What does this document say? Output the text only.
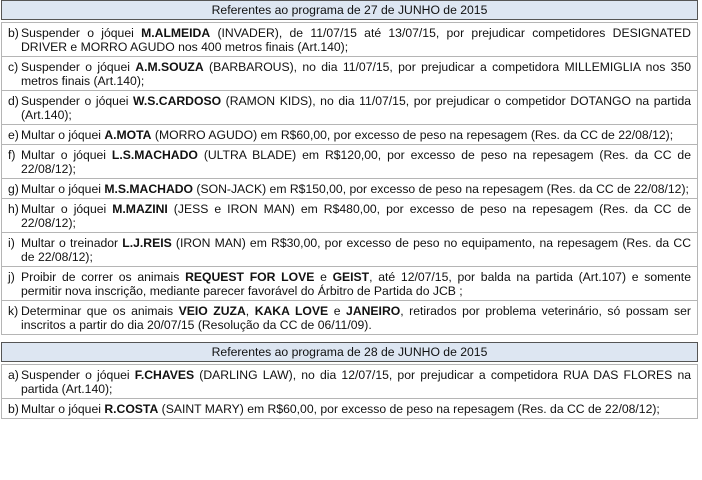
Referentes ao programa de 27 de JUNHO de 2015
b) Suspender o jóquei M.ALMEIDA (INVADER), de 11/07/15 até 13/07/15, por prejudicar competidores DESIGNATED DRIVER e MORRO AGUDO nos 400 metros finais (Art.140);
c) Suspender o jóquei A.M.SOUZA (BARBAROUS), no dia 11/07/15, por prejudicar a competidora MILLEMIGLIA nos 350 metros finais (Art.140);
d) Suspender o jóquei W.S.CARDOSO (RAMON KIDS), no dia 11/07/15, por prejudicar o competidor DOTANGO na partida (Art.140);
e) Multar o jóquei A.MOTA (MORRO AGUDO) em R$60,00, por excesso de peso na repesagem (Res. da CC de 22/08/12);
f) Multar o jóquei L.S.MACHADO (ULTRA BLADE) em R$120,00, por excesso de peso na repesagem (Res. da CC de 22/08/12);
g) Multar o jóquei M.S.MACHADO (SON-JACK) em R$150,00, por excesso de peso na repesagem (Res. da CC de 22/08/12);
h) Multar o jóquei M.MAZINI (JESS e IRON MAN) em R$480,00, por excesso de peso na repesagem (Res. da CC de 22/08/12);
i) Multar o treinador L.J.REIS (IRON MAN) em R$30,00, por excesso de peso no equipamento, na repesagem (Res. da CC de 22/08/12);
j) Proibir de correr os animais REQUEST FOR LOVE e GEIST, até 12/07/15, por balda na partida (Art.107) e somente permitir nova inscrição, mediante parecer favorável do Árbitro de Partida do JCB ;
k) Determinar que os animais VEIO ZUZA, KAKA LOVE e JANEIRO, retirados por problema veterinário, só possam ser inscritos a partir do dia 20/07/15 (Resolução da CC de 06/11/09).
Referentes ao programa de 28 de JUNHO de 2015
a) Suspender o jóquei F.CHAVES (DARLING LAW), no dia 12/07/15, por prejudicar a competidora RUA DAS FLORES na partida (Art.140);
b) Multar o jóquei R.COSTA (SAINT MARY) em R$60,00, por excesso de peso na repesagem (Res. da CC de 22/08/12);
